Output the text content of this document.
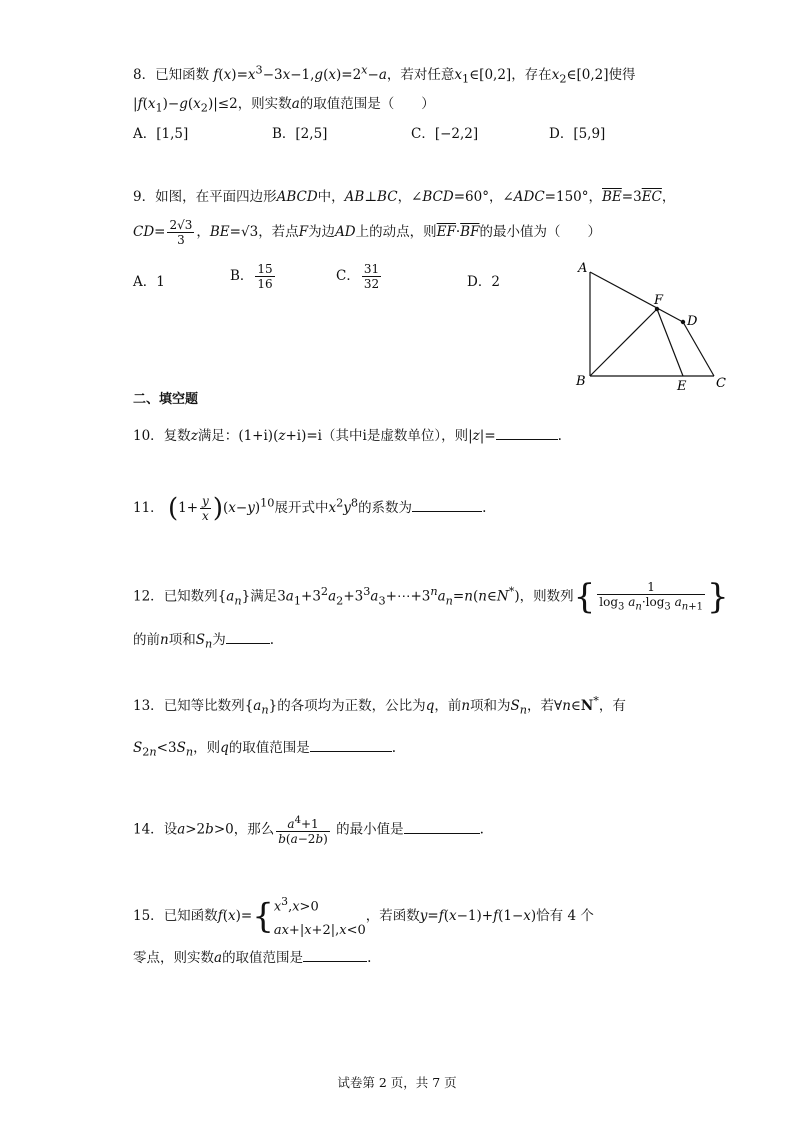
8．已知函数 $f(x)=x^3-3x-1,g(x)=2^x-a$，若对任意$x_1\in[0,2]$，存在$x_2\in[0,2]$使得
$|f(x_1)-g(x_2)|\le 2$，则实数a的取值范围是（　　）
A．[1,5]	B．[2,5]	C．[−2,2]	D．[5,9]
9．如图，在平面四边形ABCD中，AB⊥BC，∠BCD=60°，∠ADC=150°，$\overline{BE}=3\overline{EC}$，
$CD= \frac{2√3}{3}$ ，BE=√3，若点F为边AD上的动点，则$\overline{EF}\cdot\overline{BF}$的最小值为（　　）
A．1	B． $\frac{15}{16}$	C． $\frac{31}{32}$	D．2
A
F
D
B	E C
二、填空题
10．复数z满足：(1+i)(z+i)=i（其中i是虚数单位），则|z|=	.
11． $(1+ \frac{y}{x} )(x-y)^{10}$展开式中$x^2y^8$的系数为	.
12．已知数列$\{a_n\}$满足$3a_1+3^2a_2+3^3a_3+\cdots+3^na_n=n(n\in N^*)$，则数列{ $\frac{1}{\log_3 a_n\cdot\log_3 a_{n+1}}$ }
的前n项和$S_n$为	.
13．已知等比数列$\{a_n\}$的各项均为正数，公比为q，前n项和为$S_n$，若∀n∈N*，有
$S_{2n}<3S_n$，则q的取值范围是	.
14．设a>2b>0，那么 $\frac{a^4+1}{b(a-2b)}$ 的最小值是	.
15．已知函数f(x)={ $x^3,x>0$
ax+|x+2|,x<0
，若函数y=f(x−1)+f(1−x)恰有 4 个
零点，则实数a的取值范围是	.
试卷第 2 页，共 7 页
